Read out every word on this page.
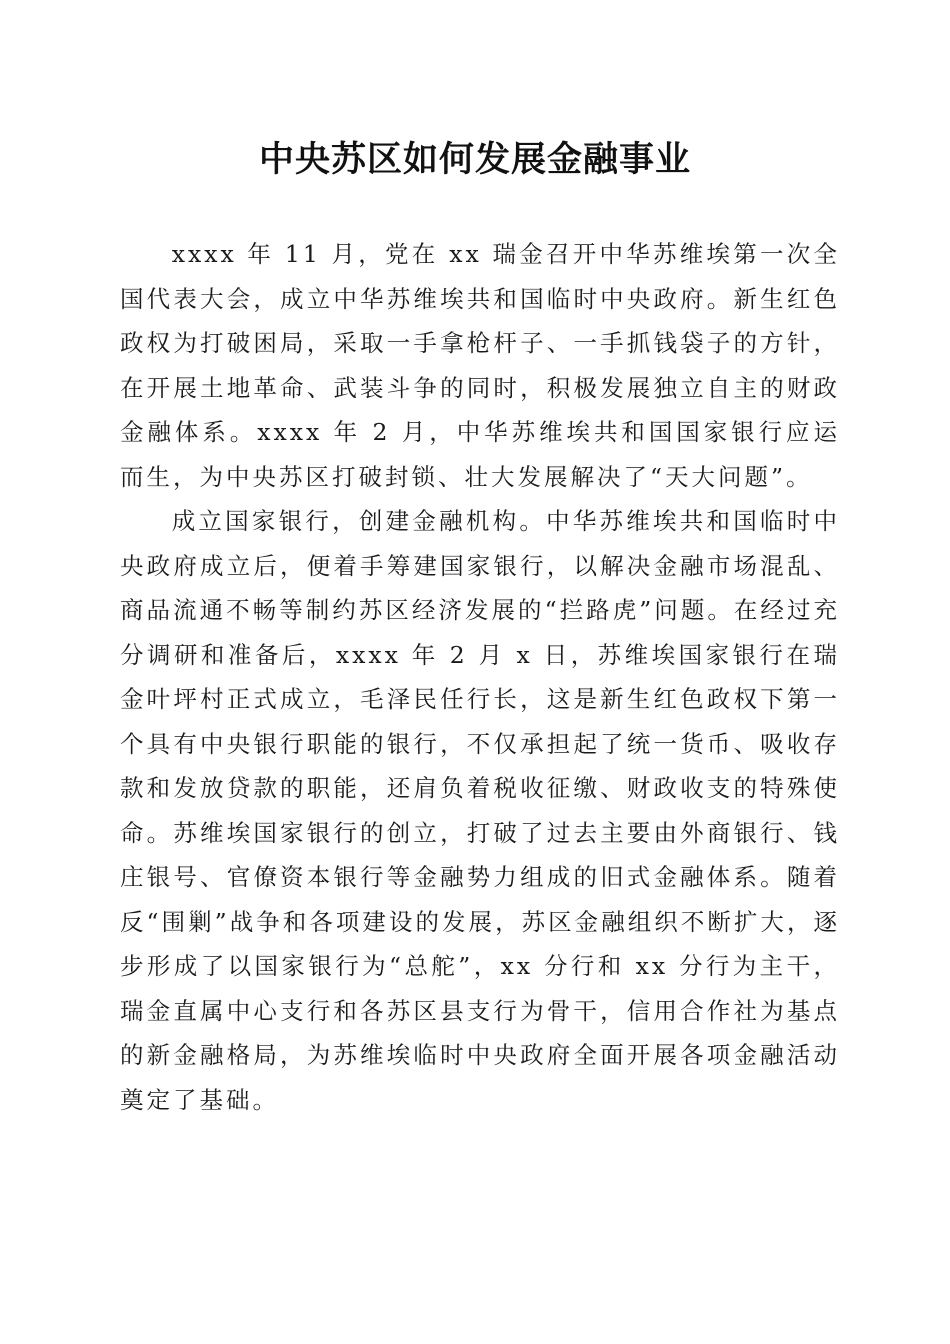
中央苏区如何发展金融事业

xxxx 年 11 月，党在 xx 瑞金召开中华苏维埃第一次全国代表大会，成立中华苏维埃共和国临时中央政府。新生红色政权为打破困局，采取一手拿枪杆子、一手抓钱袋子的方针，在开展土地革命、武装斗争的同时，积极发展独立自主的财政金融体系。xxxx 年 2 月，中华苏维埃共和国国家银行应运而生，为中央苏区打破封锁、壮大发展解决了“天大问题”。

成立国家银行，创建金融机构。中华苏维埃共和国临时中央政府成立后，便着手筹建国家银行，以解决金融市场混乱、商品流通不畅等制约苏区经济发展的“拦路虎”问题。在经过充分调研和准备后，xxxx 年 2 月 x 日，苏维埃国家银行在瑞金叶坪村正式成立，毛泽民任行长，这是新生红色政权下第一个具有中央银行职能的银行，不仅承担起了统一货币、吸收存款和发放贷款的职能，还肩负着税收征缴、财政收支的特殊使命。苏维埃国家银行的创立，打破了过去主要由外商银行、钱庄银号、官僚资本银行等金融势力组成的旧式金融体系。随着反“围剿”战争和各项建设的发展，苏区金融组织不断扩大，逐步形成了以国家银行为“总舵”，xx 分行和 xx 分行为主干，瑞金直属中心支行和各苏区县支行为骨干，信用合作社为基点的新金融格局，为苏维埃临时中央政府全面开展各项金融活动奠定了基础。
